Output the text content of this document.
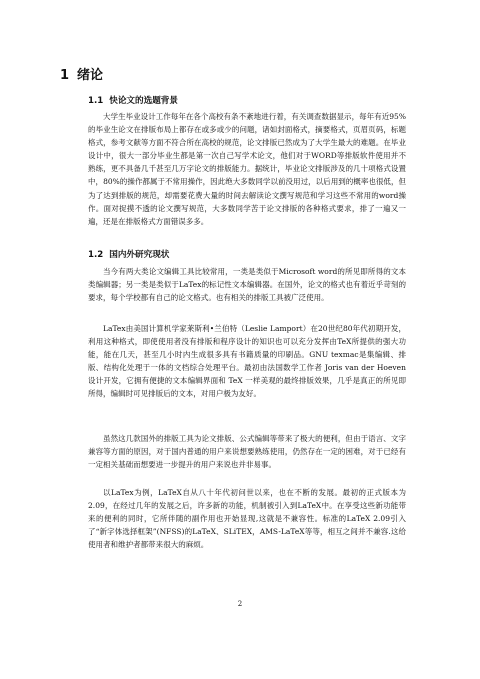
1 绪论
1.1 快论文的选题背景

大学生毕业设计工作每年在各个高校有条不紊地进行着，有关调查数据显示，每年有近95%的毕业生论文在排版布局上都存在或多或少的问题，诸如封面格式，摘要格式，页眉页码，标题格式，参考文献等方面不符合所在高校的规范，论文排版已然成为了大学生最大的难题。在毕业设计中，很大一部分毕业生都是第一次自己写学术论文，他们对于WORD等排版软件使用并不熟练，更不具备几千甚至几万字论文的排版能力。据统计，毕业论文排版涉及的几十项格式设置中，80%的操作都属于不常用操作，因此绝大多数同学以前没用过，以后用到的概率也很低，但为了达到排版的规范，却需要花费大量的时间去解读论文撰写规范和学习这些不常用的word操作。面对捉摸不透的论文撰写规范，大多数同学苦于论文排版的各种格式要求，排了一遍又一遍，还是在排版格式方面错误多多。

1.2 国内外研究现状

当今有两大类论文编辑工具比较常用，一类是类似于Microsoft word的所见即所得的文本类编辑器；另一类是类似于LaTex的标记性文本编辑器。在国外，论文的格式也有着近乎苛刻的要求，每个学校都有自己的论文格式。也有相关的排版工具被广泛使用。

LaTex由美国计算机学家莱斯利•兰伯特（Leslie Lamport）在20世纪80年代初期开发，利用这种格式，即使使用者没有排版和程序设计的知识也可以充分发挥由TeX所提供的强大功能，能在几天，甚至几小时内生成很多具有书籍质量的印刷品。GNU texmac是集编辑、排版、结构化处理于一体的文档综合处理平台。最初由法国数学工作者 Joris van der Hoeven 设计开发，它拥有便捷的文本编辑界面和 TeX 一样美观的最终排版效果，几乎是真正的所见即所得，编辑时可见排版后的文本，对用户极为友好。

虽然这几款国外的排版工具为论文排版、公式编辑等带来了极大的便利，但由于语言、文字兼容等方面的原因，对于国内普通的用户来说想要熟练使用，仍然存在一定的困难，对于已经有一定相关基础而想要进一步提升的用户来说也并非易事。

以LaTex为例，LaTeX自从八十年代初问世以来，也在不断的发展。最初的正式版本为2.09，在经过几年的发展之后，许多新的功能，机制被引入到LaTeX中。在享受这些新功能带来的便利的同时，它所伴随的副作用也开始显现,这就是不兼容性。标准的LaTeX 2.09引入了“新字体选择框架”(NFSS)的LaTeX、SLiTEX，AMS-LaTeX等等，相互之间并不兼容.这给使用者和维护者都带来很大的麻烦。

2
